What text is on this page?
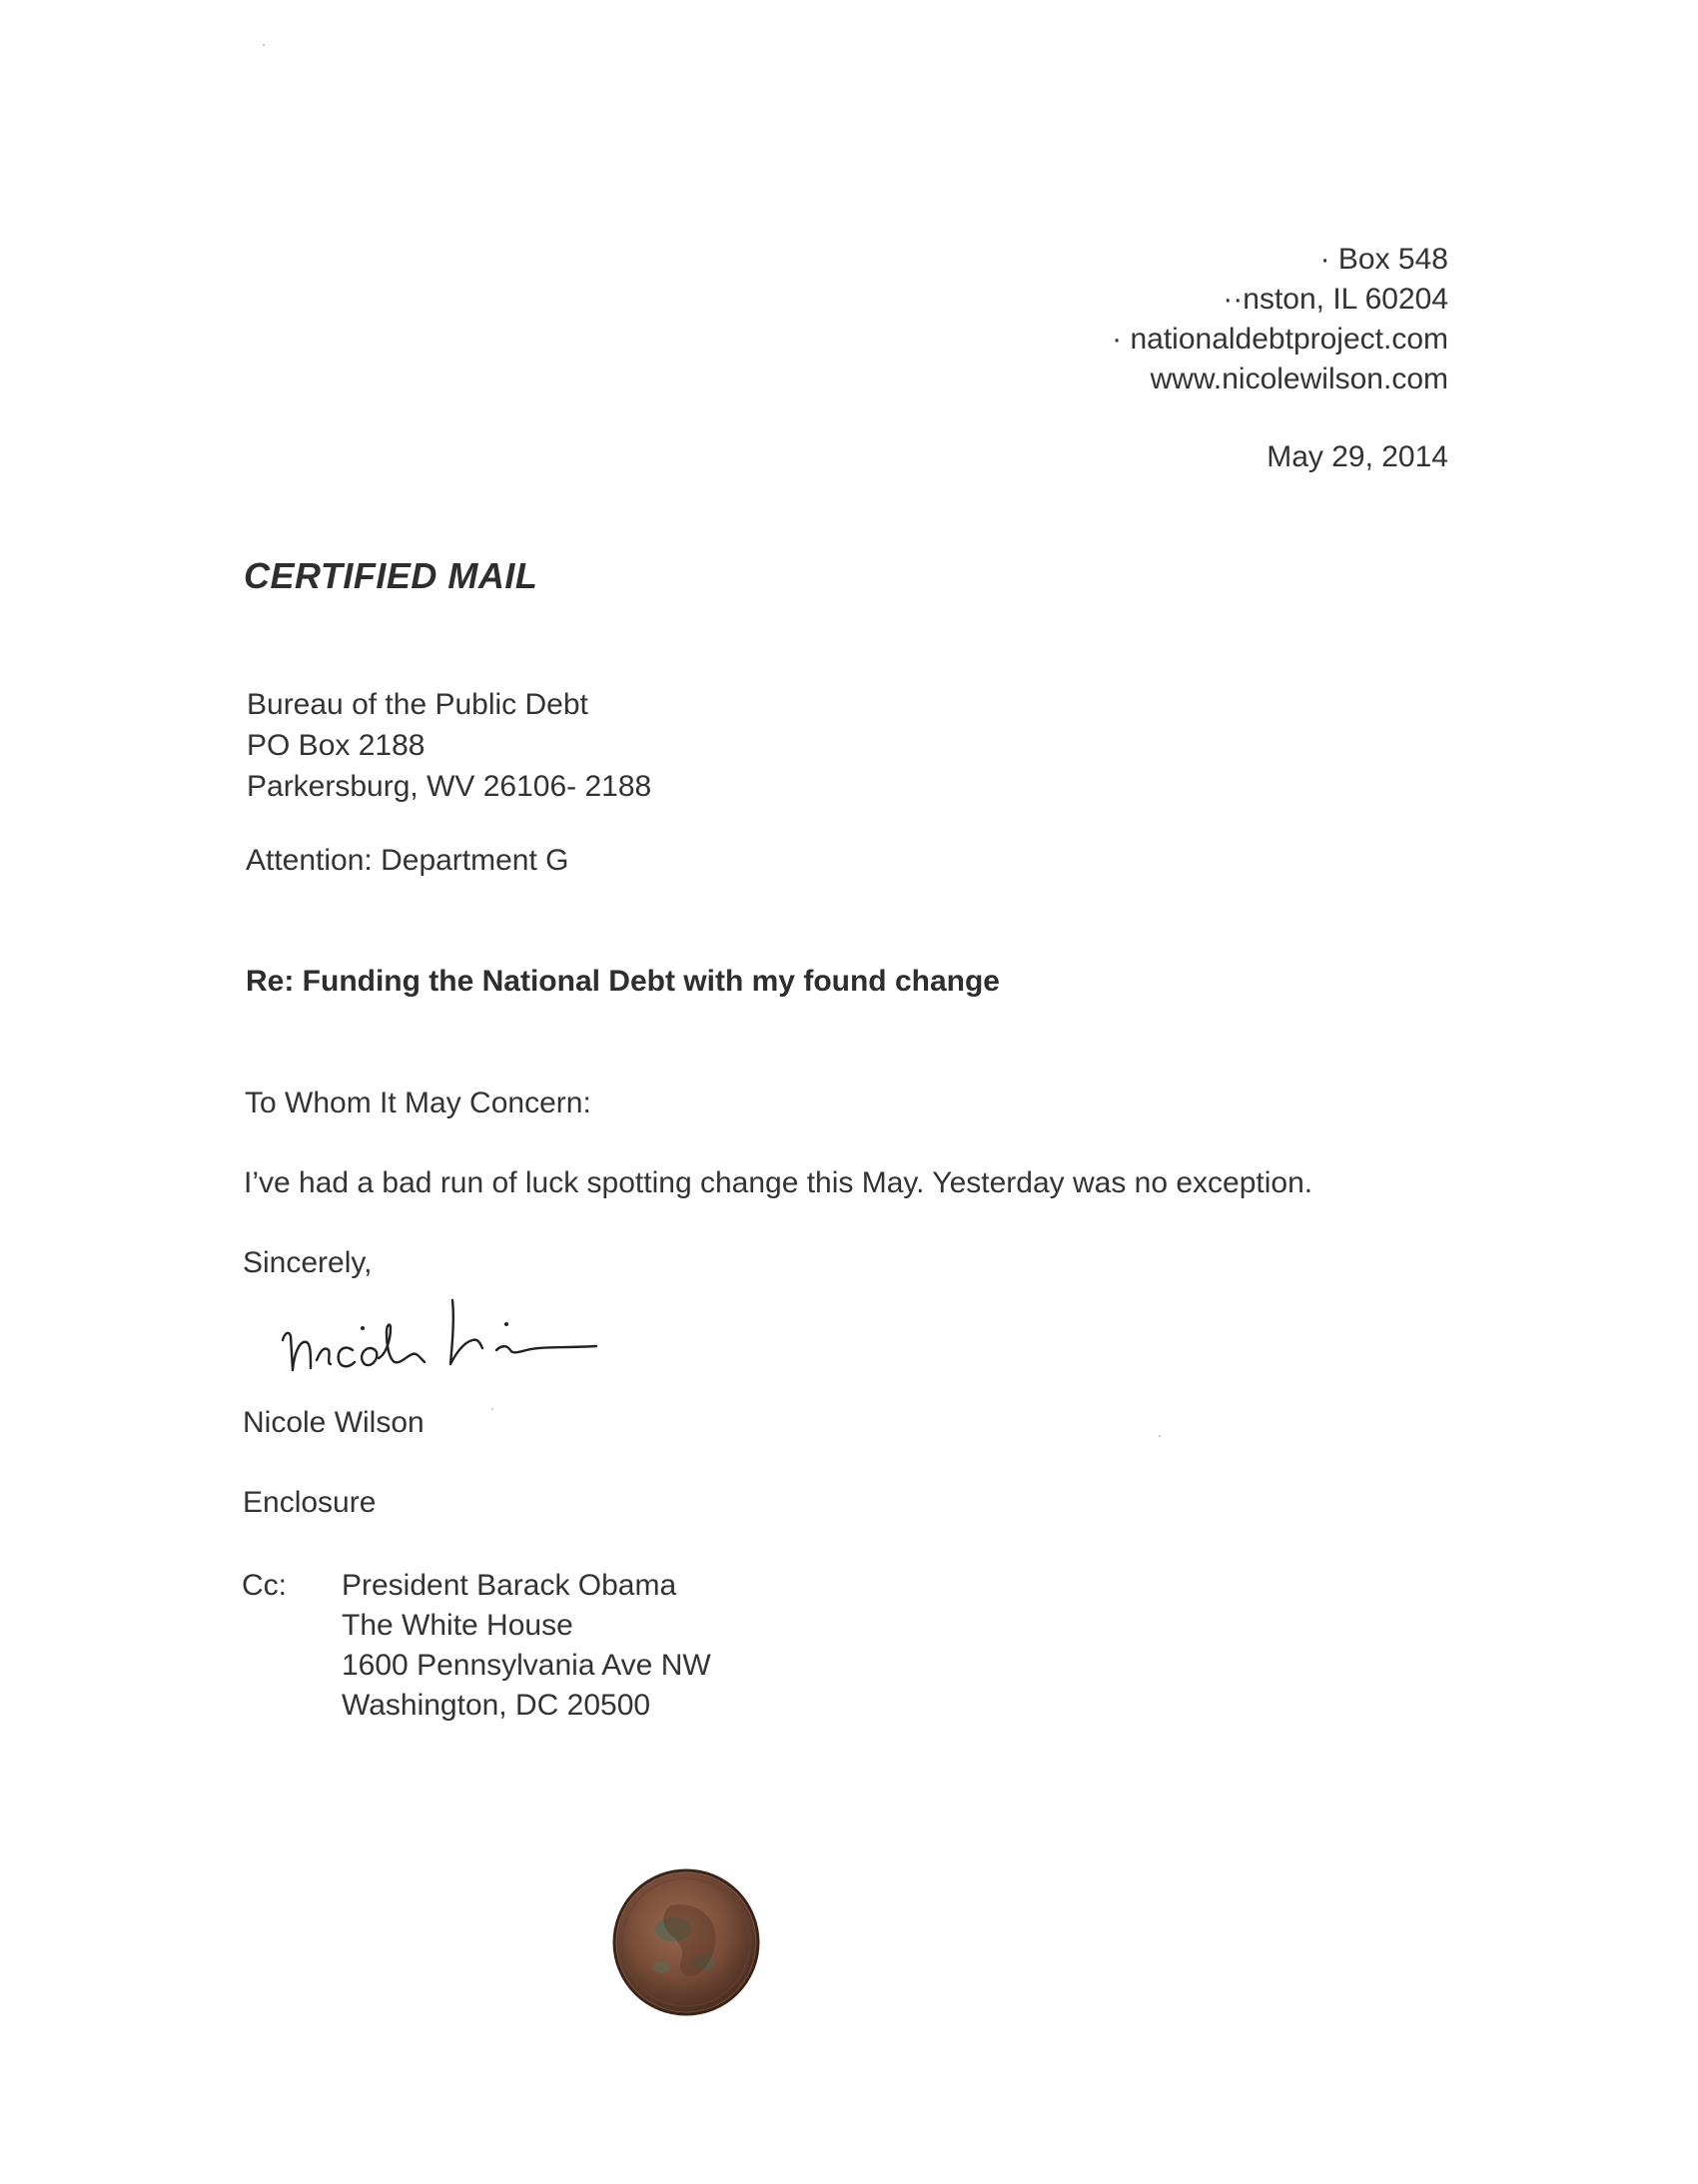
· Box 548
··nston, IL 60204
· nationaldebtproject.com
www.nicolewilson.com
May 29, 2014
CERTIFIED MAIL
Bureau of the Public Debt
PO Box 2188
Parkersburg, WV 26106- 2188
Attention: Department G
Re: Funding the National Debt with my found change
To Whom It May Concern:
I’ve had a bad run of luck spotting change this May. Yesterday was no exception.
Sincerely,
Nicole Wilson
Enclosure
Cc: President Barack Obama
The White House
1600 Pennsylvania Ave NW
Washington, DC 20500
